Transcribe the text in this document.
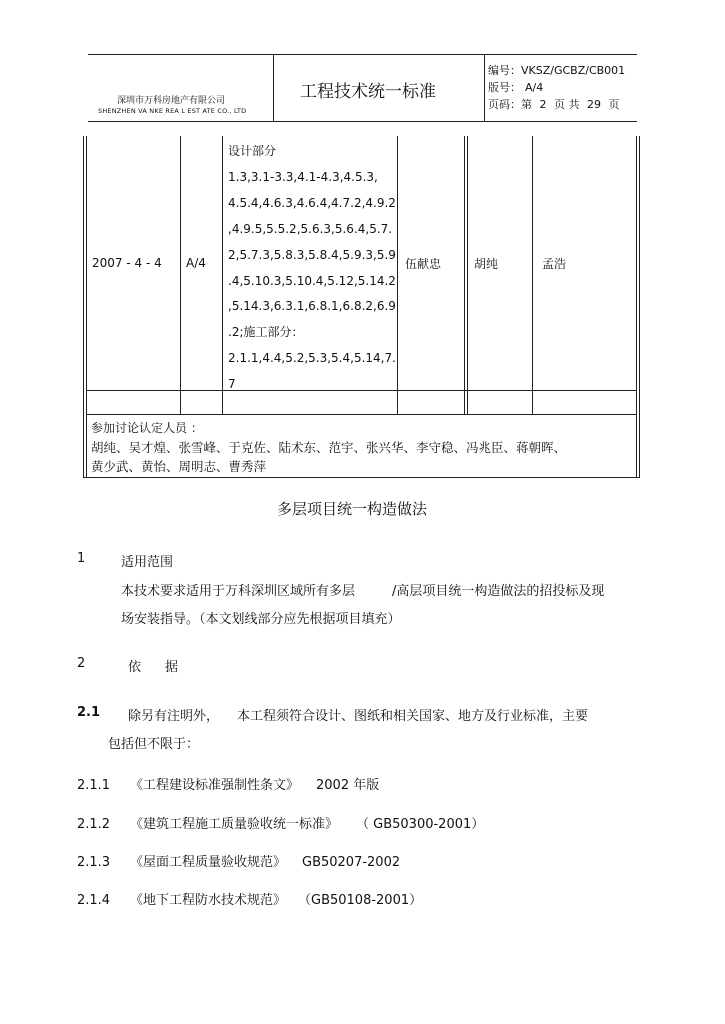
深圳市万科房地产有限公司
SHENZHEN VA NKE REA L EST ATE CO., LTD
工程技术统一标准
编号：VKSZ/GCBZ/CB001
版号： A/4
页码：第 2 页 共 29 页
2007 - 4 - 4 A/4
设计部分
1.3,3.1-3.3,4.1-4.3,4.5.3,
4.5.4,4.6.3,4.6.4,4.7.2,4.9.2
,4.9.5,5.5.2,5.6.3,5.6.4,5.7.
2,5.7.3,5.8.3,5.8.4,5.9.3,5.9
.4,5.10.3,5.10.4,5.12,5.14.2
,5.14.3,6.3.1,6.8.1,6.8.2,6.9
.2;施工部分：
2.1.1,4.4,5.2,5.3,5.4,5.14,7.
7
伍献忠	胡纯	孟浩
参加讨论认定人员 ：
胡纯、吴才煌、张雪峰、于克佐、陆术东、范宇、张兴华、李守稳、冯兆臣、蒋朝晖、
黄少武、黄怡、周明志、曹秀萍
多层项目统一构造做法
1	适用范围
本技术要求适用于万科深圳区域所有多层	/高层项目统一构造做法的招投标及现
场安装指导。（本文划线部分应先根据项目填充）
2	依 据
2.1 除另有注明外， 本工程须符合设计、图纸和相关国家、地方及行业标准，主要
包括但不限于：
2.1.1 《工程建设标准强制性条文》 2002 年版
2.1.2 《建筑工程施工质量验收统一标准》 （ GB50300-2001）
2.1.3 《屋面工程质量验收规范》 GB50207-2002
2.1.4 《地下工程防水技术规范》 （GB50108-2001）
